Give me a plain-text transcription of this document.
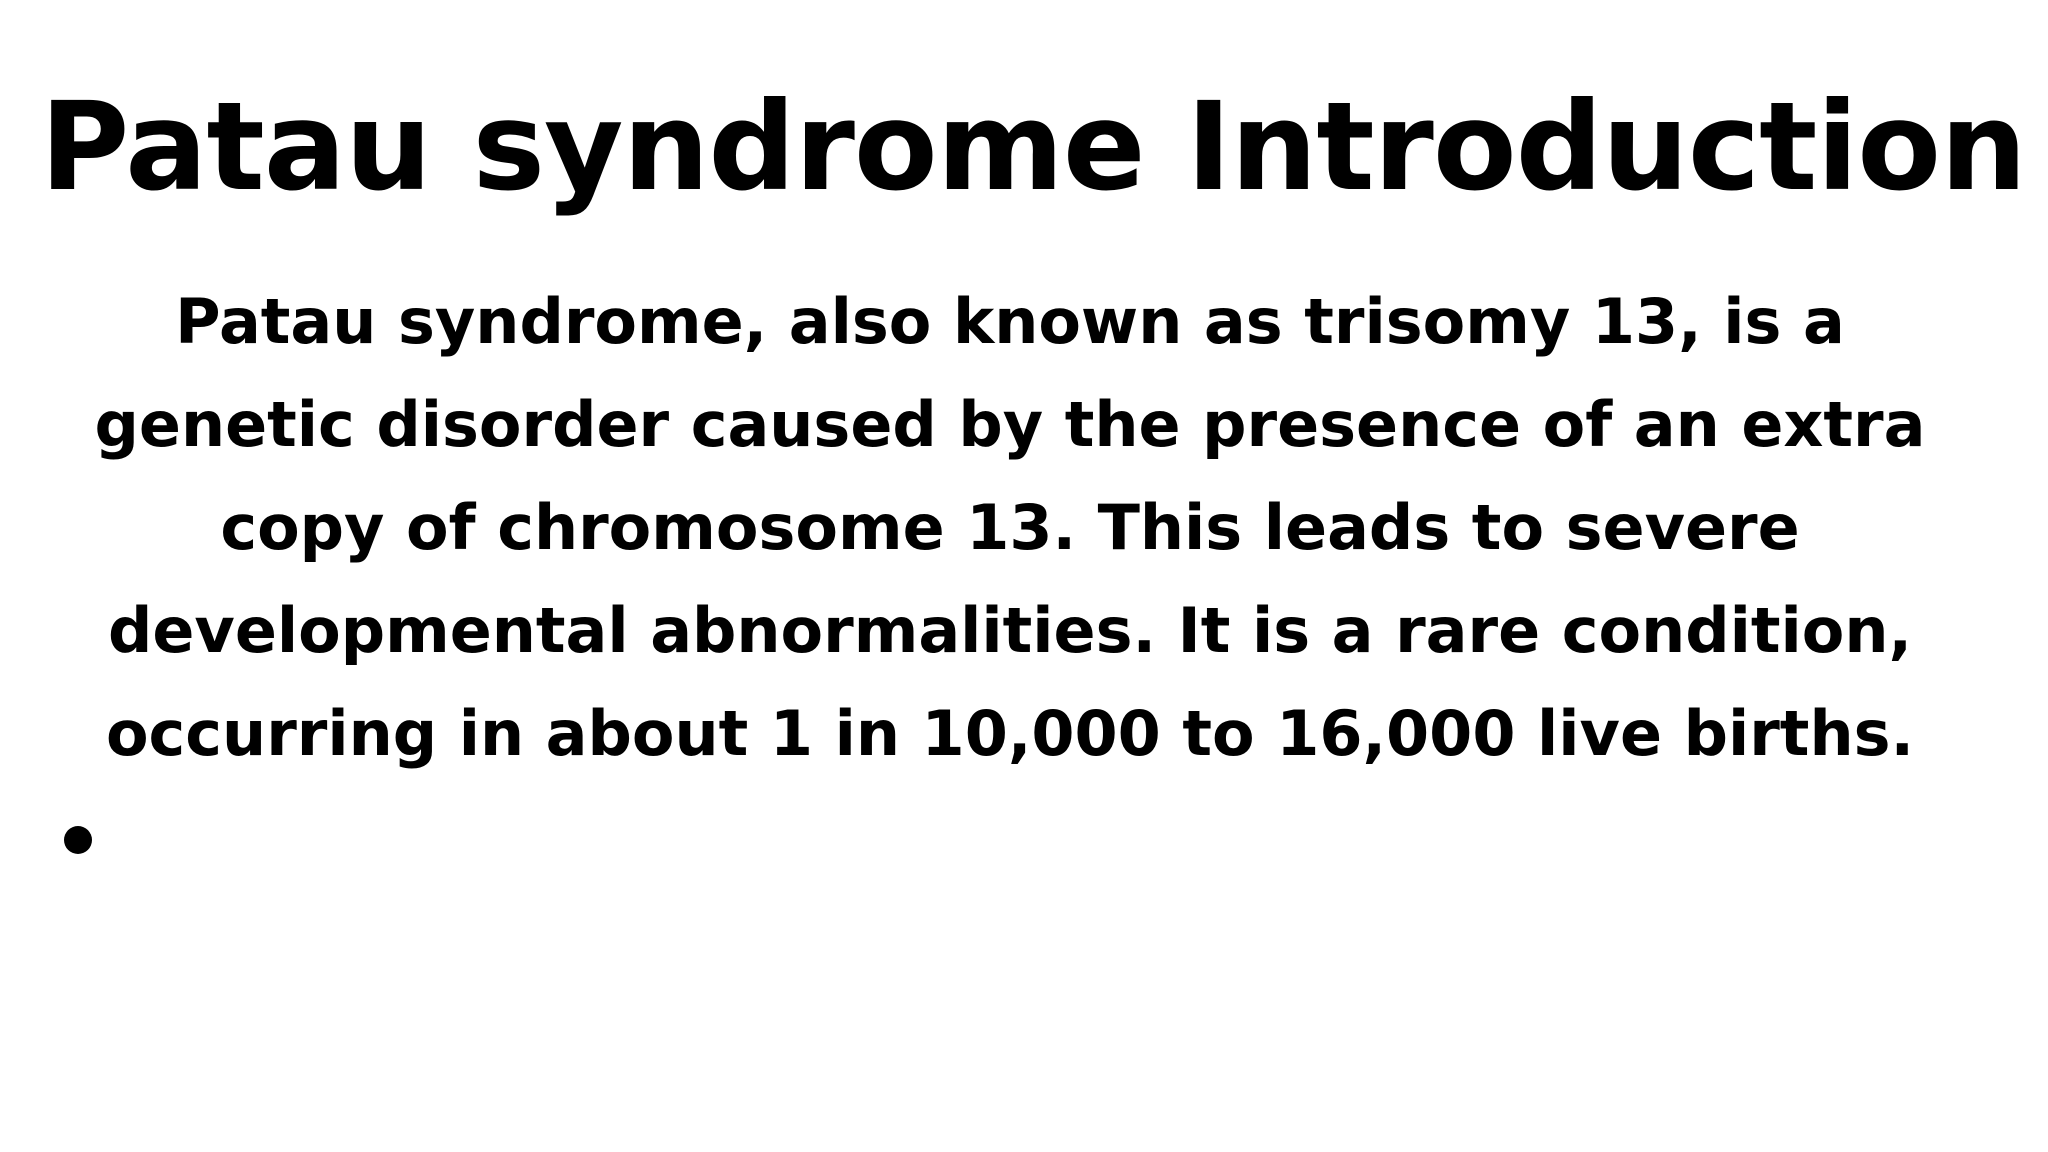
Patau syndrome Introduction

Patau syndrome, also known as trisomy 13, is a
genetic disorder caused by the presence of an extra
copy of chromosome 13. This leads to severe
developmental abnormalities. It is a rare condition,
occurring in about 1 in 10,000 to 16,000 live births.
